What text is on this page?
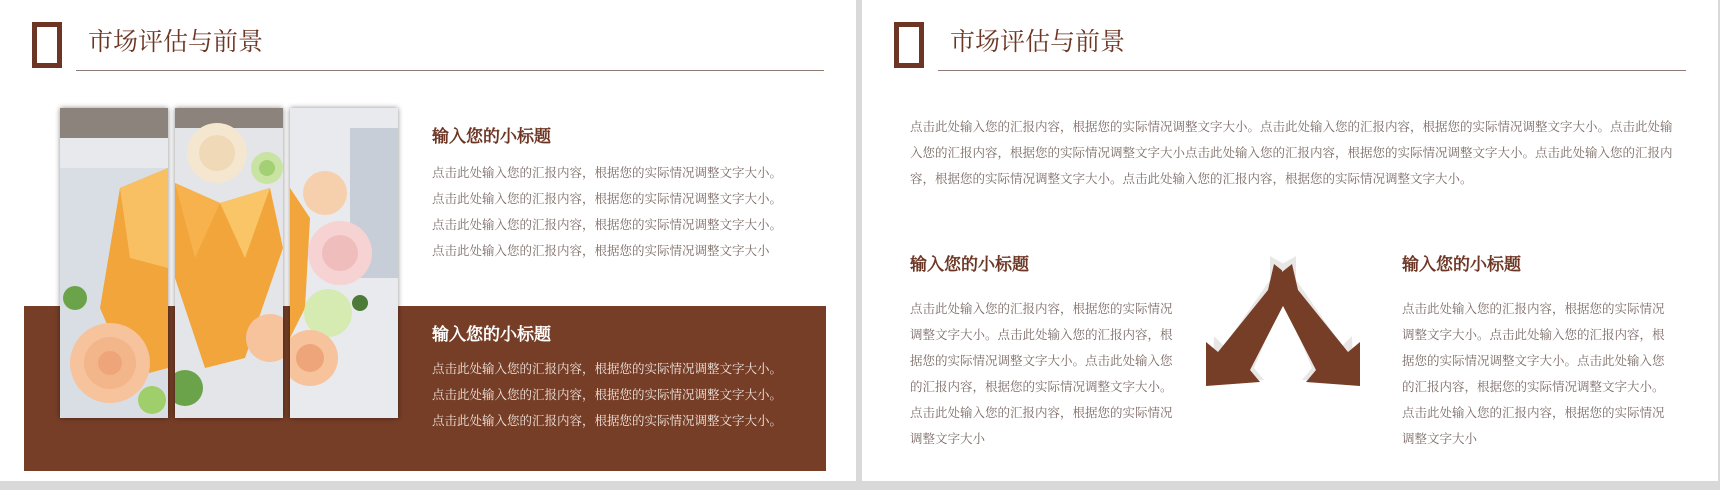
市场评估与前景
输入您的小标题
点击此处输入您的汇报内容，根据您的实际情况调整文字大小。点击此处输入您的汇报内容，根据您的实际情况调整文字大小。点击此处输入您的汇报内容，根据您的实际情况调整文字大小。点击此处输入您的汇报内容，根据您的实际情况调整文字大小
输入您的小标题
点击此处输入您的汇报内容，根据您的实际情况调整文字大小。点击此处输入您的汇报内容，根据您的实际情况调整文字大小。点击此处输入您的汇报内容，根据您的实际情况调整文字大小。
市场评估与前景
点击此处输入您的汇报内容，根据您的实际情况调整文字大小。点击此处输入您的汇报内容，根据您的实际情况调整文字大小。点击此处输入您的汇报内容，根据您的实际情况调整文字大小点击此处输入您的汇报内容，根据您的实际情况调整文字大小。点击此处输入您的汇报内容，根据您的实际情况调整文字大小。点击此处输入您的汇报内容，根据您的实际情况调整文字大小。
输入您的小标题
点击此处输入您的汇报内容，根据您的实际情况调整文字大小。点击此处输入您的汇报内容，根据您的实际情况调整文字大小。点击此处输入您的汇报内容，根据您的实际情况调整文字大小。点击此处输入您的汇报内容，根据您的实际情况调整文字大小
输入您的小标题
点击此处输入您的汇报内容，根据您的实际情况调整文字大小。点击此处输入您的汇报内容，根据您的实际情况调整文字大小。点击此处输入您的汇报内容，根据您的实际情况调整文字大小。点击此处输入您的汇报内容，根据您的实际情况调整文字大小
